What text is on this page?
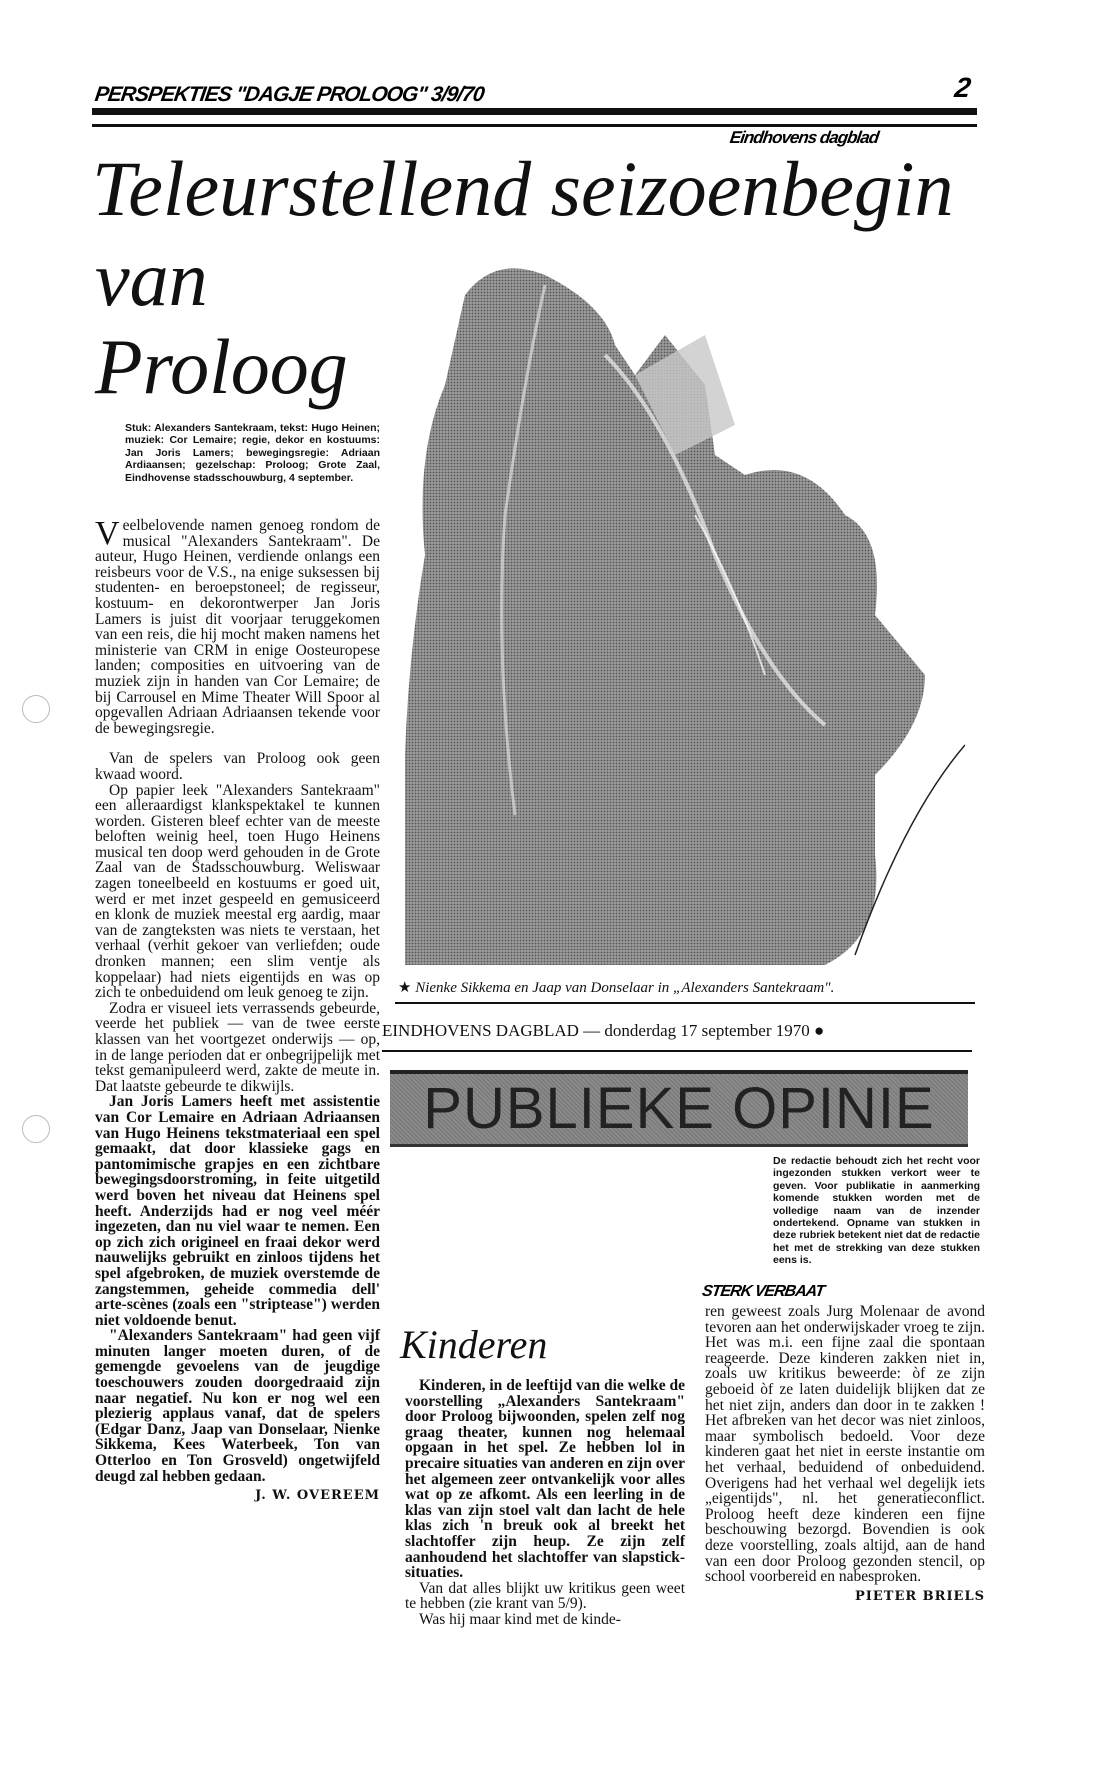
PERSPEKTIES "DAGJE PROLOOG" 3/9/70	2
Eindhovens dagblad
Teleurstellend seizoenbegin
van
Proloog
Stuk: Alexanders Santekraam, tekst: Hugo Heinen; muziek: Cor Lemaire; regie, dekor en kostuums: Jan Joris Lamers; bewegingsregie: Adriaan Ardiaansen; gezelschap: Proloog; Grote Zaal, Eindhovense stadsschouwburg, 4 september.

Veelbelovende namen genoeg rondom de musical "Alexanders Santekraam". De auteur, Hugo Heinen, verdiende onlangs een reisbeurs voor de V.S., na enige suksessen bij studenten- en beroepstoneel; de regisseur, kostuum- en dekorontwerper Jan Joris Lamers is juist dit voorjaar teruggekomen van een reis, die hij mocht maken namens het ministerie van CRM in enige Oosteuropese landen; composities en uitvoering van de muziek zijn in handen van Cor Lemaire; de bij Carrousel en Mime Theater Will Spoor al opgevallen Adriaan Adriaansen tekende voor de bewegingsregie.

Van de spelers van Proloog ook geen kwaad woord.

Op papier leek "Alexanders Santekraam" een alleraardigst klankspektakel te kunnen worden. Gisteren bleef echter van de meeste beloften weinig heel, toen Hugo Heinens musical ten doop werd gehouden in de Grote Zaal van de Stadsschouwburg. Weliswaar zagen toneelbeeld en kostuums er goed uit, werd er met inzet gespeeld en gemusiceerd en klonk de muziek meestal erg aardig, maar van de zangteksten was niets te verstaan, het verhaal (verhit gekoer van verliefden; oude dronken mannen; een slim ventje als koppelaar) had niets eigentijds en was op zich te onbeduidend om leuk genoeg te zijn.

Zodra er visueel iets verrassends gebeurde, veerde het publiek — van de twee eerste klassen van het voortgezet onderwijs — op, in de lange perioden dat er onbegrijpelijk met tekst gemanipuleerd werd, zakte de meute in. Dat laatste gebeurde te dikwijls.

Jan Joris Lamers heeft met assistentie van Cor Lemaire en Adriaan Adriaansen van Hugo Heinens tekstmateriaal een spel gemaakt, dat door klassieke gags en pantomimische grapjes en een zichtbare bewegingsdoorstroming, in feite uitgetild werd boven het niveau dat Heinens spel heeft. Anderzijds had er nog veel méér ingezeten, dan nu viel waar te nemen. Een op zich zich origineel en fraai dekor werd nauwelijks gebruikt en zinloos tijdens het spel afgebroken, de muziek overstemde de zangstemmen, geheide commedia dell' arte-scènes (zoals een "striptease") werden niet voldoende benut.

"Alexanders Santekraam" had geen vijf minuten langer moeten duren, of de gemengde gevoelens van de jeugdige toeschouwers zouden doorgedraaid zijn naar negatief. Nu kon er nog wel een plezierig applaus vanaf, dat de spelers (Edgar Danz, Jaap van Donselaar, Nienke Sikkema, Kees Waterbeek, Ton van Otterloo en Ton Grosveld) ongetwijfeld deugd zal hebben gedaan.

J. W. OVEREEM
★ Nienke Sikkema en Jaap van Donselaar in „Alexanders Santekraam".
EINDHOVENS DAGBLAD — donderdag 17 september 1970 ●
PUBLIEKE OPINIE
De redactie behoudt zich het recht voor ingezonden stukken verkort weer te geven. Voor publikatie in aanmerking komende stukken worden met de volledige naam van de inzender ondertekend. Opname van stukken in deze rubriek betekent niet dat de redactie het met de strekking van deze stukken eens is.
Kinderen

Kinderen, in de leeftijd van die welke de voorstelling „Alexanders Santekraam" door Proloog bijwoonden, spelen zelf nog graag theater, kunnen nog helemaal opgaan in het spel. Ze hebben lol in precaire situaties van anderen en zijn over het algemeen zeer ontvankelijk voor alles wat op ze afkomt. Als een leerling in de klas van zijn stoel valt dan lacht de hele klas zich 'n breuk ook al breekt het slachtoffer zijn heup. Ze zijn zelf aanhoudend het slachtoffer van slapstick-situaties.

Van dat alles blijkt uw kritikus geen weet te hebben (zie krant van 5/9).

Was hij maar kind met de kinde-

STERK VERBAAT

ren geweest zoals Jurg Molenaar de avond tevoren aan het onderwijskader vroeg te zijn. Het was m.i. een fijne zaal die spontaan reageerde. Deze kinderen zakken niet in, zoals uw kritikus beweerde: òf ze zijn geboeid òf ze laten duidelijk blijken dat ze het niet zijn, anders dan door in te zakken ! Het afbreken van het decor was niet zinloos, maar symbolisch bedoeld. Voor deze kinderen gaat het niet in eerste instantie om het verhaal, beduidend of onbeduidend. Overigens had het verhaal wel degelijk iets „eigentijds", nl. het generatieconflict. Proloog heeft deze kinderen een fijne beschouwing bezorgd. Bovendien is ook deze voorstelling, zoals altijd, aan de hand van een door Proloog gezonden stencil, op school voorbereid en nabesproken.

PIETER BRIELS
